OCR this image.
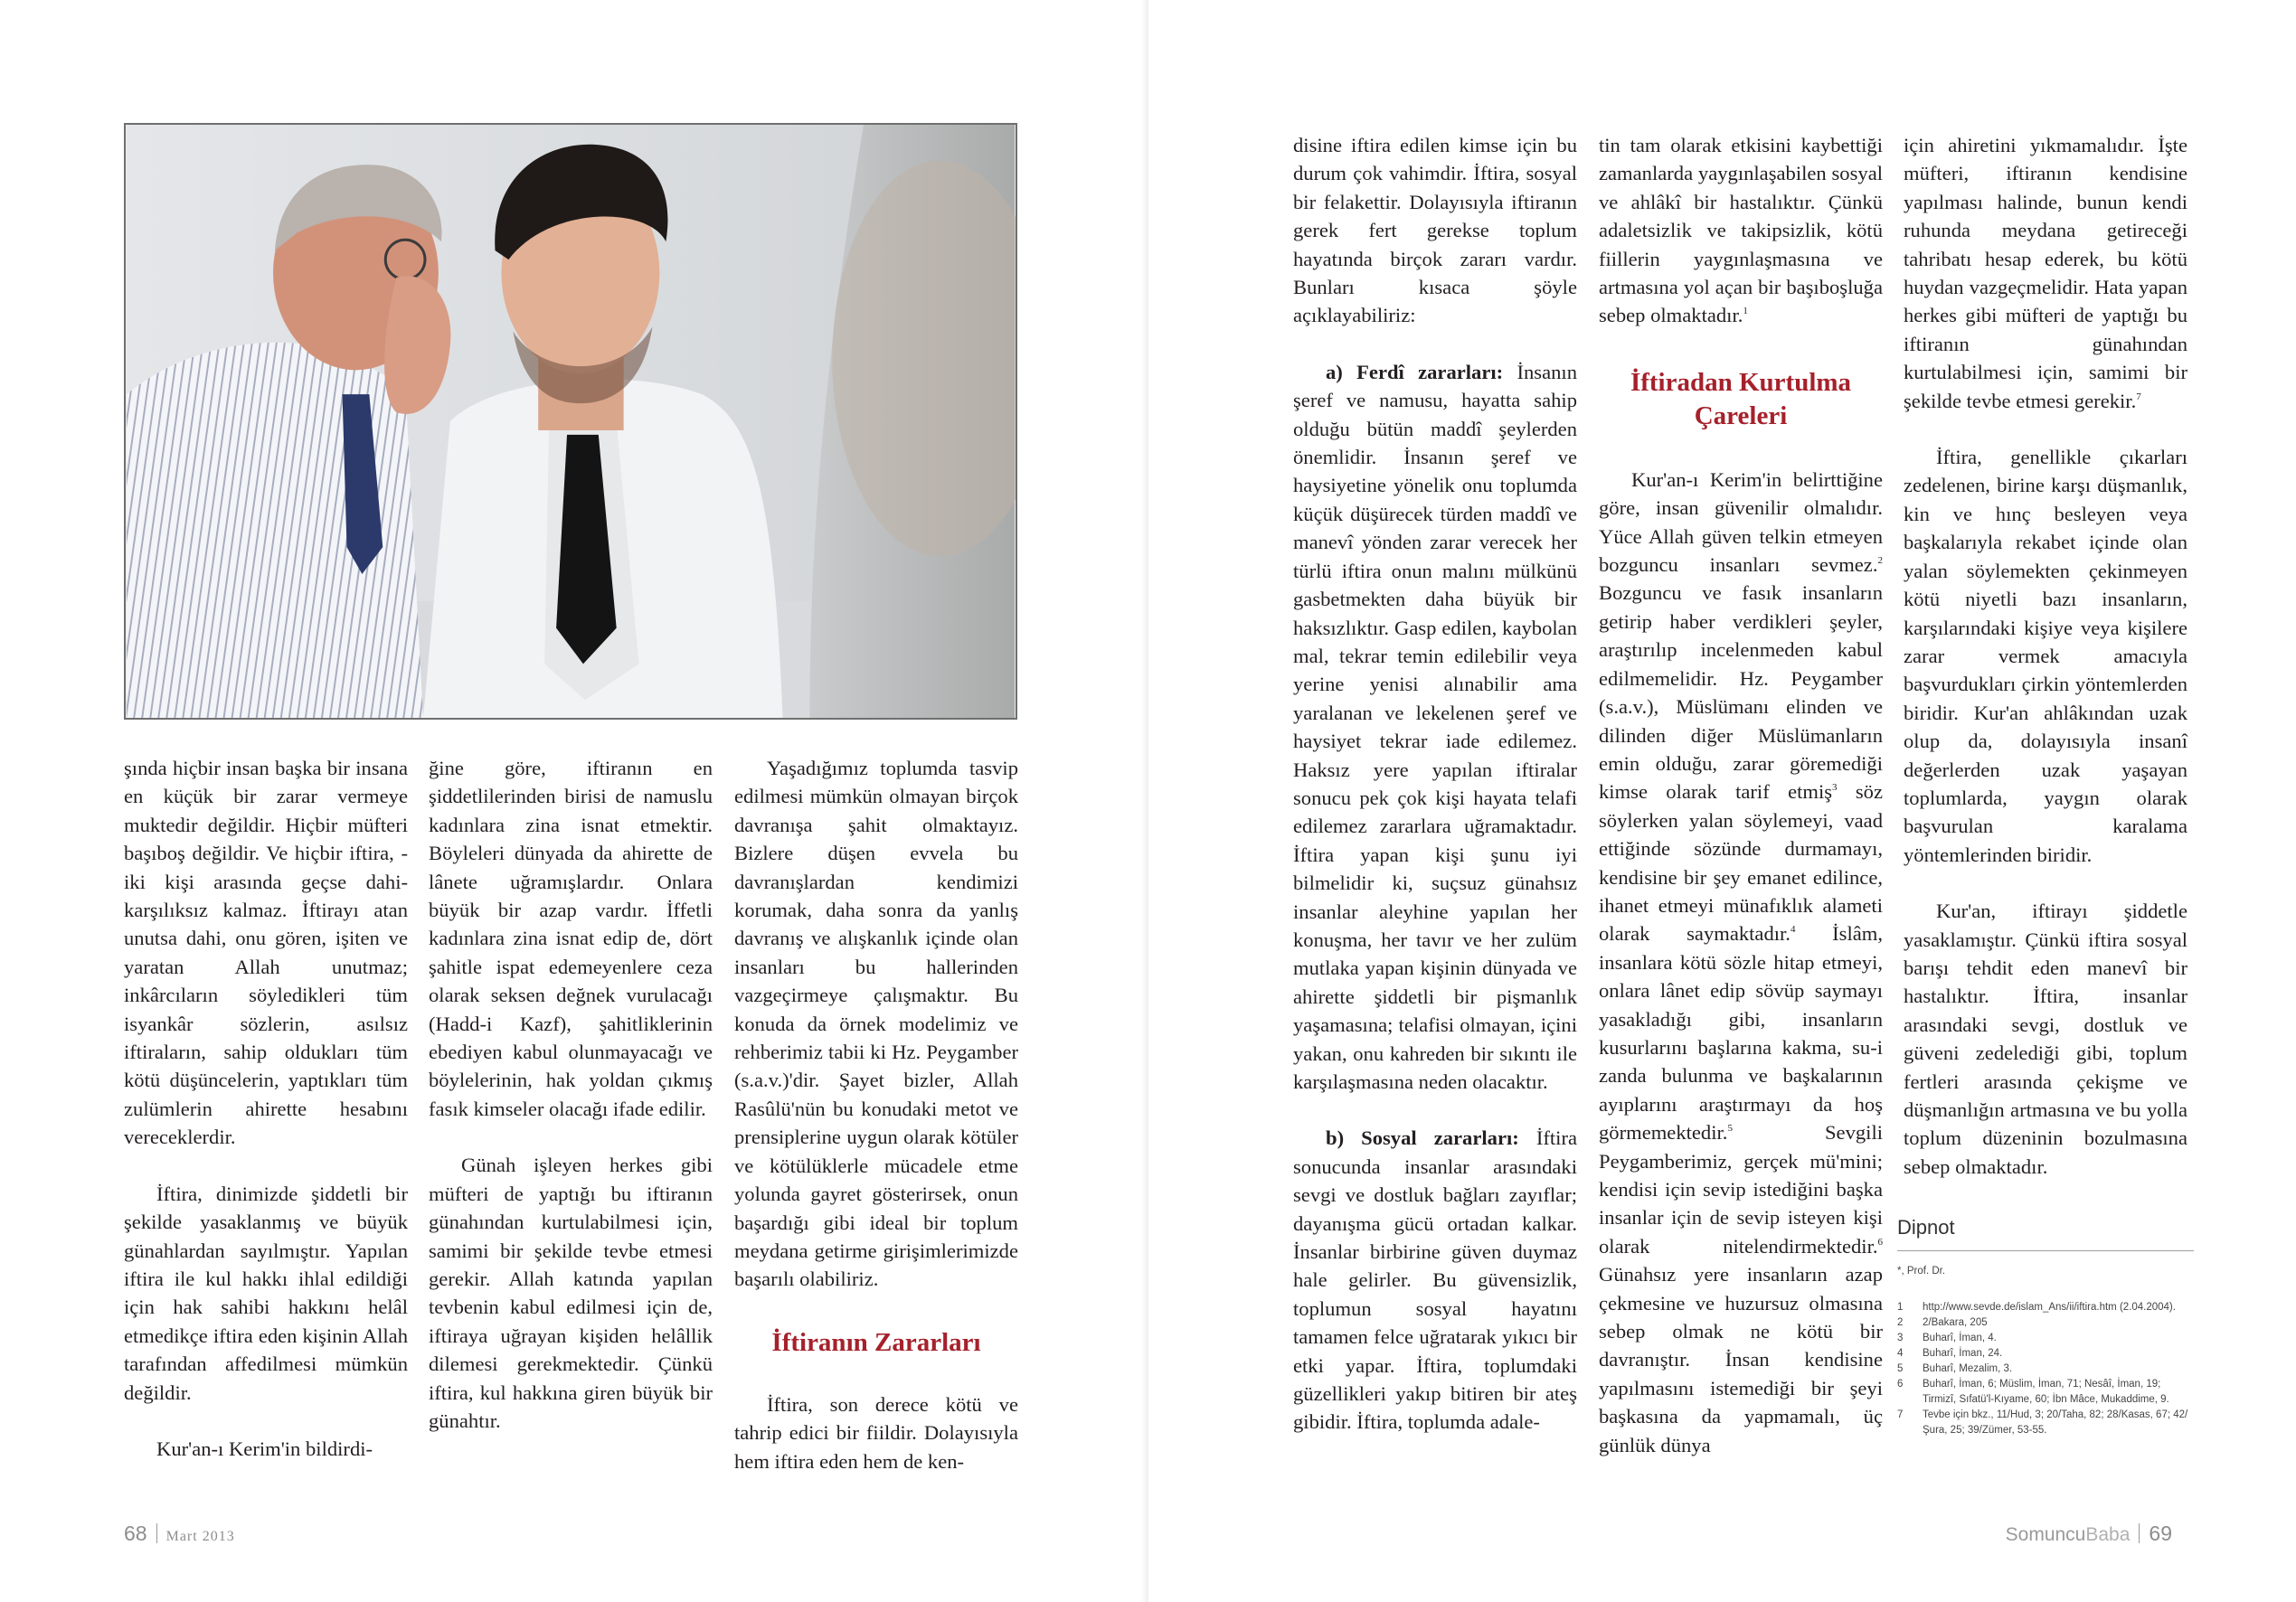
şında hiçbir insan başka bir insana en küçük bir zarar vermeye muktedir değildir. Hiçbir müfteri başıboş değildir. Ve hiçbir iftira, -iki kişi arasında geçse dahi- karşılıksız kalmaz. İftirayı atan unutsa dahi, onu gören, işiten ve yaratan Allah unutmaz; inkârcıların söyledikleri tüm isyankâr sözlerin, asılsız iftiraların, sahip oldukları tüm kötü düşüncelerin, yaptıkları tüm zulümlerin ahirette hesabını vereceklerdir.

İftira, dinimizde şiddetli bir şekilde yasaklanmış ve büyük günahlardan sayılmıştır. Yapılan iftira ile kul hakkı ihlal edildiği için hak sahibi hakkını helâl etmedikçe iftira eden kişinin Allah tarafından affedilmesi mümkün değildir.

Kur'an-ı Kerim'in bildirdi-

ğine göre, iftiranın en şiddetlilerinden birisi de namuslu kadınlara zina isnat etmektir. Böyleleri dünyada da ahirette de lânete uğramışlardır. Onlara büyük bir azap vardır. İffetli kadınlara zina isnat edip de, dört şahitle ispat edemeyenlere ceza olarak seksen değnek vurulacağı (Hadd-i Kazf), şahitliklerinin ebediyen kabul olunmayacağı ve böylelerinin, hak yoldan çıkmış fasık kimseler olacağı ifade edilir.

Günah işleyen herkes gibi müfteri de yaptığı bu iftiranın günahından kurtulabilmesi için, samimi bir şekilde tevbe etmesi gerekir. Allah katında yapılan tevbenin kabul edilmesi için de, iftiraya uğrayan kişiden helâllik dilemesi gerekmektedir. Çünkü iftira, kul hakkına giren büyük bir günahtır.

Yaşadığımız toplumda tasvip edilmesi mümkün olmayan birçok davranışa şahit olmaktayız. Bizlere düşen evvela bu davranışlardan kendimizi korumak, daha sonra da yanlış davranış ve alışkanlık içinde olan insanları bu hallerinden vazgeçirmeye çalışmaktır. Bu konuda da örnek modelimiz ve rehberimiz tabii ki Hz. Peygamber (s.a.v.)'dir. Şayet bizler, Allah Rasûlü'nün bu konudaki metot ve prensiplerine uygun olarak kötüler ve kötülüklerle mücadele etme yolunda gayret gösterirsek, onun başardığı gibi ideal bir toplum meydana getirme girişimlerimizde başarılı olabiliriz.

İftiranın Zararları

İftira, son derece kötü ve tahrip edici bir fiildir. Dolayısıyla hem iftira eden hem de ken-

68 Mart 2013

disine iftira edilen kimse için bu durum çok vahimdir. İftira, sosyal bir felakettir. Dolayısıyla iftiranın gerek fert gerekse toplum hayatında birçok zararı vardır. Bunları kısaca şöyle açıklayabiliriz:

a) Ferdî zararları: İnsanın şeref ve namusu, hayatta sahip olduğu bütün maddî şeylerden önemlidir. İnsanın şeref ve haysiyetine yönelik onu toplumda küçük düşürecek türden maddî ve manevî yönden zarar verecek her türlü iftira onun malını mülkünü gasbetmekten daha büyük bir haksızlıktır. Gasp edilen, kaybolan mal, tekrar temin edilebilir veya yerine yenisi alınabilir ama yaralanan ve lekelenen şeref ve haysiyet tekrar iade edilemez. Haksız yere yapılan iftiralar sonucu pek çok kişi hayata telafi edilemez zararlara uğramaktadır. İftira yapan kişi şunu iyi bilmelidir ki, suçsuz günahsız insanlar aleyhine yapılan her konuşma, her tavır ve her zulüm mutlaka yapan kişinin dünyada ve ahirette şiddetli bir pişmanlık yaşamasına; telafisi olmayan, içini yakan, onu kahreden bir sıkıntı ile karşılaşmasına neden olacaktır.

b) Sosyal zararları: İftira sonucunda insanlar arasındaki sevgi ve dostluk bağları zayıflar; dayanışma gücü ortadan kalkar. İnsanlar birbirine güven duymaz hale gelirler. Bu güvensizlik, toplumun sosyal hayatını tamamen felce uğratarak yıkıcı bir etki yapar. İftira, toplumdaki güzellikleri yakıp bitiren bir ateş gibidir. İftira, toplumda adale-

tin tam olarak etkisini kaybettiği zamanlarda yaygınlaşabilen sosyal ve ahlâkî bir hastalıktır. Çünkü adaletsizlik ve takipsizlik, kötü fiillerin yaygınlaşmasına ve artmasına yol açan bir başıboşluğa sebep olmaktadır.$^1$

İftiradan Kurtulma
Çareleri

Kur'an-ı Kerim'in belirttiğine göre, insan güvenilir olmalıdır. Yüce Allah güven telkin etmeyen bozguncu insanları sevmez.$^2$ Bozguncu ve fasık insanların getirip haber verdikleri şeyler, araştırılıp incelenmeden kabul edilmemelidir. Hz. Peygamber (s.a.v.), Müslümanı elinden ve dilinden diğer Müslümanların emin olduğu, zarar göremediği kimse olarak tarif etmiş$^3$ söz söylerken yalan söylemeyi, vaad ettiğinde sözünde durmamayı, kendisine bir şey emanet edilince, ihanet etmeyi münafıklık alameti olarak saymaktadır.$^4$ İslâm, insanlara kötü sözle hitap etmeyi, onlara lânet edip sövüp saymayı yasakladığı gibi, insanların kusurlarını başlarına kakma, su-i zanda bulunma ve başkalarının ayıplarını araştırmayı da hoş görmemektedir.$^5$ Sevgili Peygamberimiz, gerçek mü'mini; kendisi için sevip istediğini başka insanlar için de sevip isteyen kişi olarak nitelendirmektedir.$^6$ Günahsız yere insanların azap çekmesine ve huzursuz olmasına sebep olmak ne kötü bir davranıştır. İnsan kendisine yapılmasını istemediği bir şeyi başkasına da yapmamalı, üç günlük dünya

için ahiretini yıkmamalıdır. İşte müfteri, iftiranın kendisine yapılması halinde, bunun kendi ruhunda meydana getireceği tahribatı hesap ederek, bu kötü huydan vazgeçmelidir. Hata yapan herkes gibi müfteri de yaptığı bu iftiranın günahından kurtulabilmesi için, samimi bir şekilde tevbe etmesi gerekir.$^7$

İftira, genellikle çıkarları zedelenen, birine karşı düşmanlık, kin ve hınç besleyen veya başkalarıyla rekabet içinde olan yalan söylemekten çekinmeyen kötü niyetli bazı insanların, karşılarındaki kişiye veya kişilere zarar vermek amacıyla başvurdukları çirkin yöntemlerden biridir. Kur'an ahlâkından uzak olup da, dolayısıyla insanî değerlerden uzak yaşayan toplumlarda, yaygın olarak başvurulan karalama yöntemlerinden biridir.

Kur'an, iftirayı şiddetle yasaklamıştır. Çünkü iftira sosyal barışı tehdit eden manevî bir hastalıktır. İftira, insanlar arasındaki sevgi, dostluk ve güveni zedelediği gibi, toplum fertleri arasında çekişme ve düşmanlığın artmasına ve bu yolla toplum düzeninin bozulmasına sebep olmaktadır.

SomuncuBaba 69
Dipnot
*, Prof. Dr.
1	http://www.sevde.de/islam_Ans/ii/iftira.htm (2.04.2004).
2	2/Bakara, 205
3	Buharî, İman, 4.
4	Buharî, İman, 24.
5	Buharî, Mezalim, 3.
6	Buharî, İman, 6; Müslim, İman, 71; Nesâî, İman, 19; Tirmizî, Sıfatü'l-Kıyame, 60; İbn Mâce, Mukaddime, 9.
7	Tevbe için bkz., 11/Hud, 3; 20/Taha, 82; 28/Kasas, 67; 42/Şura, 25; 39/Zümer, 53-55.
